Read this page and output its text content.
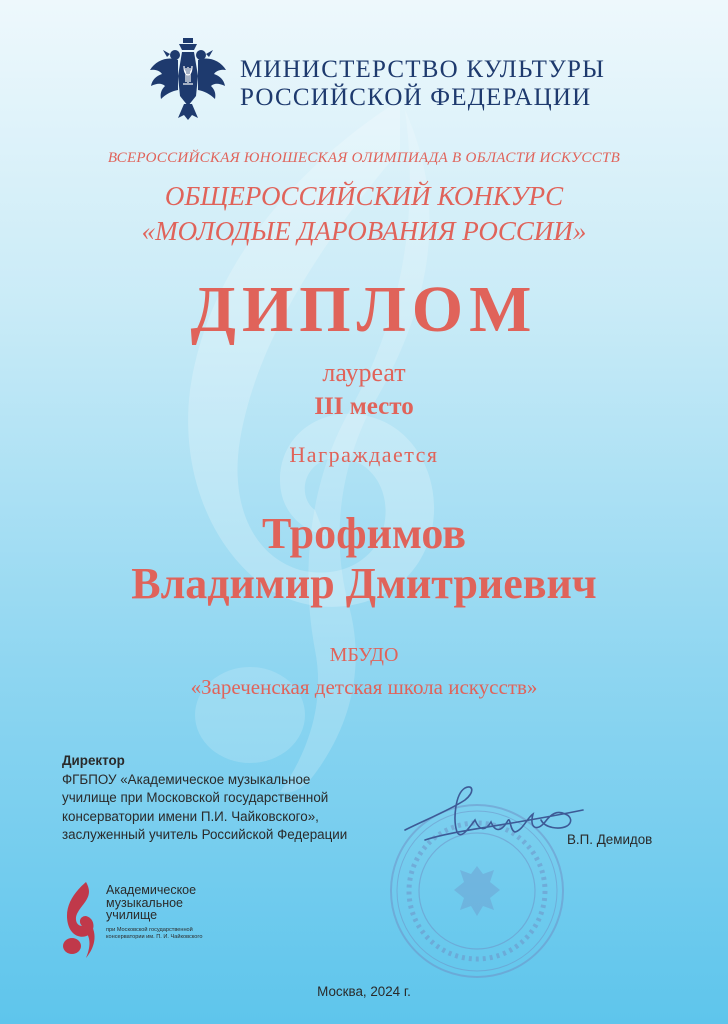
МИНИСТЕРСТВО КУЛЬТУРЫ
РОССИЙСКОЙ ФЕДЕРАЦИИ
ВСЕРОССИЙСКАЯ ЮНОШЕСКАЯ ОЛИМПИАДА В ОБЛАСТИ ИСКУССТВ
ОБЩЕРОССИЙСКИЙ КОНКУРС
«МОЛОДЫЕ ДАРОВАНИЯ РОССИИ»
ДИПЛОМ
лауреат
III место
Награждается
Трофимов
Владимир Дмитриевич
МБУДО
«Зареченская детская школа искусств»
Директор
ФГБПОУ «Академическое музыкальное
училище при Московской государственной
консерватории имени П.И. Чайковского»,
заслуженный учитель Российской Федерации	В.П. Демидов
Академическое
музыкальное
училище
при Московской государственной
консерватории им. П. И. Чайковского
Москва, 2024 г.
